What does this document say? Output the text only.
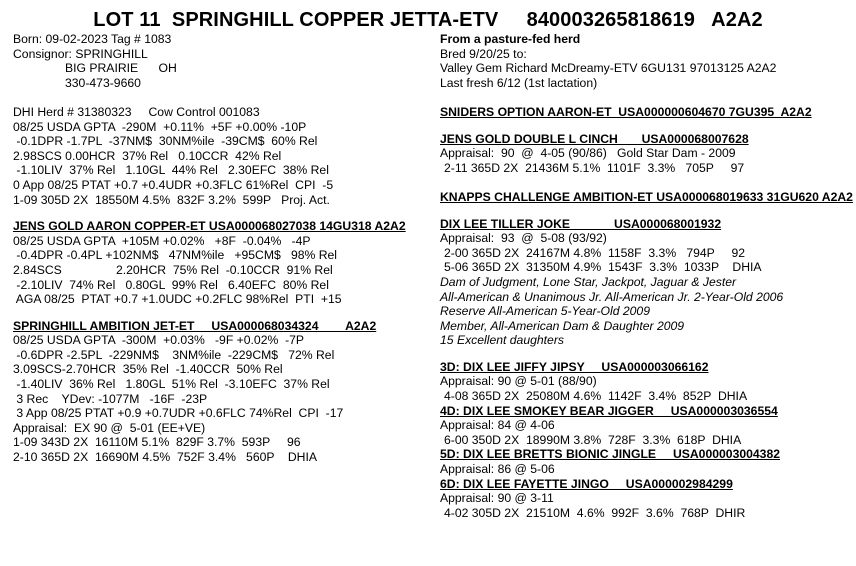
LOT 11  SPRINGHILL COPPER JETTA-ETV     840003265818619   A2A2
Born: 09-02-2023 Tag # 1083
Consignor: SPRINGHILL
BIG PRAIRIE      OH
330-473-9660
DHI Herd # 31380323     Cow Control 001083
08/25 USDA GPTA  -290M  +0.11%  +5F +0.00% -10P
-0.1DPR -1.7PL  -37NM$  30NM%ile  -39CM$  60% Rel
2.98SCS 0.00HCR  37% Rel   0.10CCR  42% Rel
-1.10LIV  37% Rel   1.10GL  44% Rel   2.30EFC  38% Rel
0 App 08/25 PTAT +0.7 +0.4UDR +0.3FLC 61%Rel  CPI  -5
1-09 305D 2X  18550M 4.5%  832F 3.2%  599P   Proj. Act.
JENS GOLD AARON COPPER-ET USA000068027038 14GU318 A2A2
08/25 USDA GPTA  +105M +0.02%   +8F  -0.04%   -4P
-0.4DPR -0.4PL +102NM$   47NM%ile   +95CM$   98% Rel
2.84SCS                2.20HCR  75% Rel  -0.10CCR  91% Rel
-2.10LIV  74% Rel   0.80GL  99% Rel   6.40EFC  80% Rel
AGA 08/25  PTAT +0.7 +1.0UDC +0.2FLC 98%Rel  PTI  +15
SPRINGHILL AMBITION JET-ET     USA000068034324        A2A2
08/25 USDA GPTA  -300M  +0.03%   -9F +0.02%  -7P
-0.6DPR -2.5PL  -229NM$    3NM%ile  -229CM$   72% Rel
3.09SCS-2.70HCR  35% Rel  -1.40CCR  50% Rel
-1.40LIV  36% Rel   1.80GL  51% Rel  -3.10EFC  37% Rel
3 Rec    YDev: -1077M   -16F  -23P
3 App 08/25 PTAT +0.9 +0.7UDR +0.6FLC 74%Rel  CPI  -17
Appraisal:  EX 90 @  5-01 (EE+VE)
1-09 343D 2X  16110M 5.1%  829F 3.7%  593P     96
2-10 365D 2X  16690M 4.5%  752F 3.4%   560P    DHIA
From a pasture-fed herd
Bred 9/20/25 to:
Valley Gem Richard McDreamy-ETV 6GU131 97013125 A2A2
Last fresh 6/12 (1st lactation)
SNIDERS OPTION AARON-ET  USA000000604670 7GU395  A2A2
JENS GOLD DOUBLE L CINCH       USA000068007628
Appraisal:  90  @  4-05 (90/86)   Gold Star Dam - 2009
2-11 365D 2X  21436M 5.1%  1101F  3.3%   705P     97
KNAPPS CHALLENGE AMBITION-ET USA000068019633 31GU620 A2A2
DIX LEE TILLER JOKE             USA000068001932
Appraisal:  93  @  5-08 (93/92)
2-00 365D 2X  24167M 4.8%  1158F  3.3%   794P     92
5-06 365D 2X  31350M 4.9%  1543F  3.3%  1033P    DHIA
Dam of Judgment, Lone Star, Jackpot, Jaguar & Jester
All-American & Unanimous Jr. All-American Jr. 2-Year-Old 2006
Reserve All-American 5-Year-Old 2009
Member, All-American Dam & Daughter 2009
15 Excellent daughters
3D: DIX LEE JIFFY JIPSY     USA000003066162
Appraisal: 90 @ 5-01 (88/90)
4-08 365D 2X  25080M 4.6%  1142F  3.4%  852P  DHIA
4D: DIX LEE SMOKEY BEAR JIGGER     USA000003036554
Appraisal: 84 @ 4-06
6-00 350D 2X  18990M 3.8%  728F  3.3%  618P  DHIA
5D: DIX LEE BRETTS BIONIC JINGLE     USA000003004382
Appraisal: 86 @ 5-06
6D: DIX LEE FAYETTE JINGO     USA000002984299
Appraisal: 90 @ 3-11
4-02 305D 2X  21510M  4.6%  992F  3.6%  768P  DHIR
